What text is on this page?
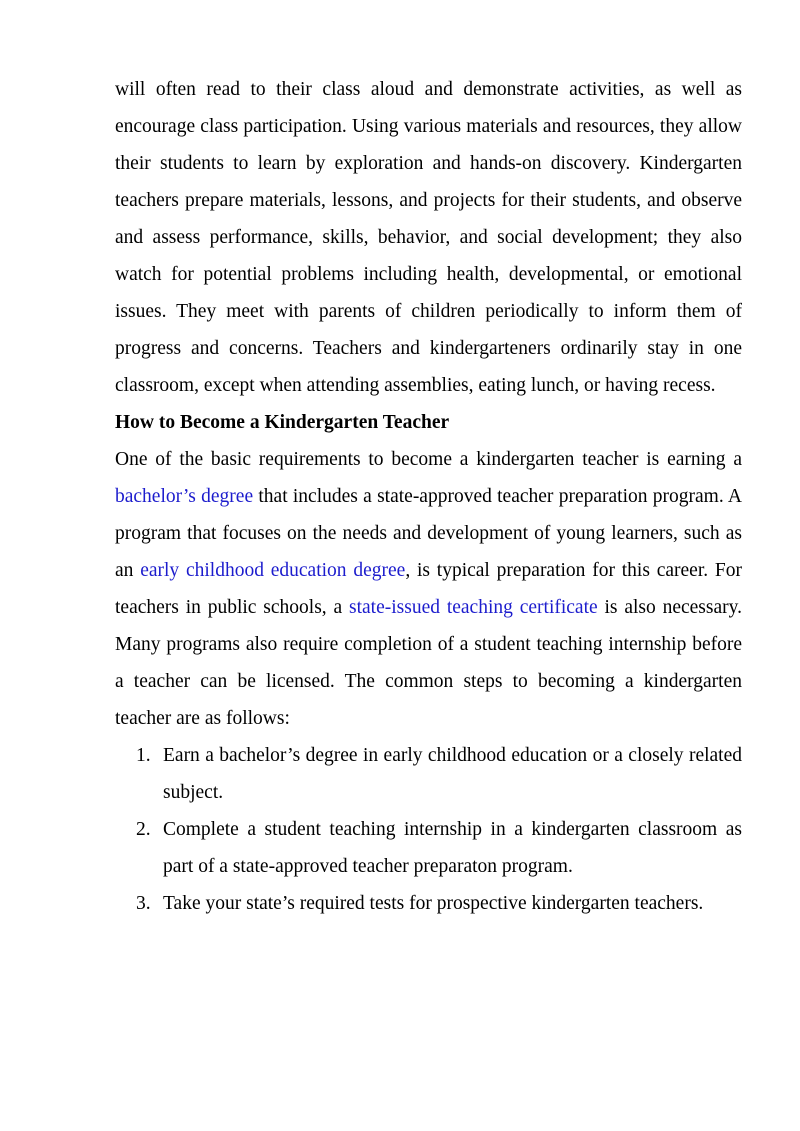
will often read to their class aloud and demonstrate activities, as well as encourage class participation. Using various materials and resources, they allow their students to learn by exploration and hands-on discovery. Kindergarten teachers prepare materials, lessons, and projects for their students, and observe and assess performance, skills, behavior, and social development; they also watch for potential problems including health, developmental, or emotional issues. They meet with parents of children periodically to inform them of progress and concerns. Teachers and kindergarteners ordinarily stay in one classroom, except when attending assemblies, eating lunch, or having recess.

How to Become a Kindergarten Teacher

One of the basic requirements to become a kindergarten teacher is earning a bachelor’s degree that includes a state-approved teacher preparation program. A program that focuses on the needs and development of young learners, such as an early childhood education degree, is typical preparation for this career. For teachers in public schools, a state-issued teaching certificate is also necessary. Many programs also require completion of a student teaching internship before a teacher can be licensed. The common steps to becoming a kindergarten teacher are as follows:

1. Earn a bachelor’s degree in early childhood education or a closely related subject.
2. Complete a student teaching internship in a kindergarten classroom as part of a state-approved teacher preparaton program.
3. Take your state’s required tests for prospective kindergarten teachers.
